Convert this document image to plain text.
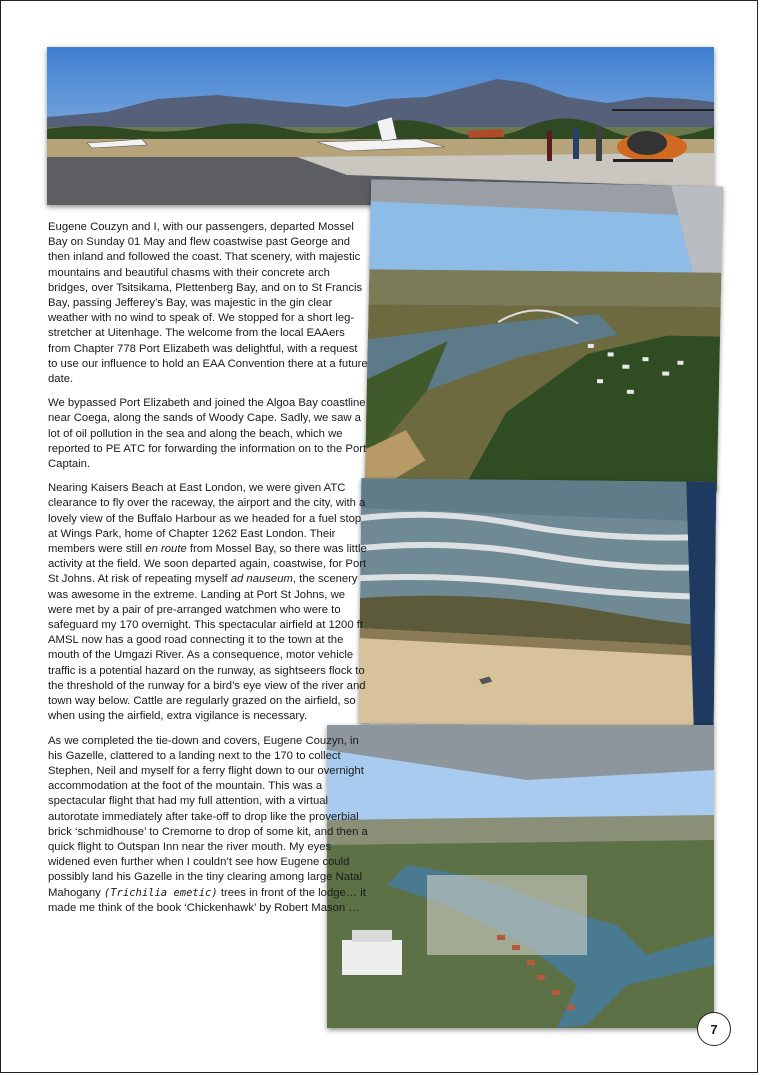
Eugene Couzyn and I, with our passengers, departed Mossel Bay on Sunday 01 May and flew coastwise past George and then inland and followed the coast. That scenery, with majestic mountains and beautiful chasms with their concrete arch bridges, over Tsitsikama, Plettenberg Bay, and on to St Francis Bay, passing Jefferey’s Bay, was majestic in the gin clear weather with no wind to speak of. We stopped for a short leg-stretcher at Uitenhage. The welcome from the local EAAers from Chapter 778 Port Elizabeth was delightful, with a request to use our influence to hold an EAA Convention there at a future date.

We bypassed Port Elizabeth and joined the Algoa Bay coastline near Coega, along the sands of Woody Cape. Sadly, we saw a lot of oil pollution in the sea and along the beach, which we reported to PE ATC for forwarding the information on to the Port Captain.

Nearing Kaisers Beach at East London, we were given ATC clearance to fly over the raceway, the airport and the city, with a lovely view of the Buffalo Harbour as we headed for a fuel stop at Wings Park, home of Chapter 1262 East London. Their members were still en route from Mossel Bay, so there was little activity at the field. We soon departed again, coastwise, for Port St Johns. At risk of repeating myself ad nauseum, the scenery was awesome in the extreme. Landing at Port St Johns, we were met by a pair of pre-arranged watchmen who were to safeguard my 170 overnight. This spectacular airfield at 1200 ft AMSL now has a good road connecting it to the town at the mouth of the Umgazi River. As a consequence, motor vehicle traffic is a potential hazard on the runway, as sightseers flock to the threshold of the runway for a bird’s eye view of the river and town way below. Cattle are regularly grazed on the airfield, so when using the airfield, extra vigilance is necessary.

As we completed the tie-down and covers, Eugene Couzyn, in his Gazelle, clattered to a landing next to the 170 to collect Stephen, Neil and myself for a ferry flight down to our overnight accommodation at the foot of the mountain. This was a spectacular flight that had my full attention, with a virtual autorotate immediately after take-off to drop like the proverbial brick ‘schmidhouse’ to Cremorne to drop of some kit, and then a quick flight to Outspan Inn near the river mouth. My eyes widened even further when I couldn’t see how Eugene could possibly land his Gazelle in the tiny clearing among large Natal Mahogany (Trichilia emetic) trees in front of the lodge… it made me think of the book ‘Chickenhawk’ by Robert Mason …

7
